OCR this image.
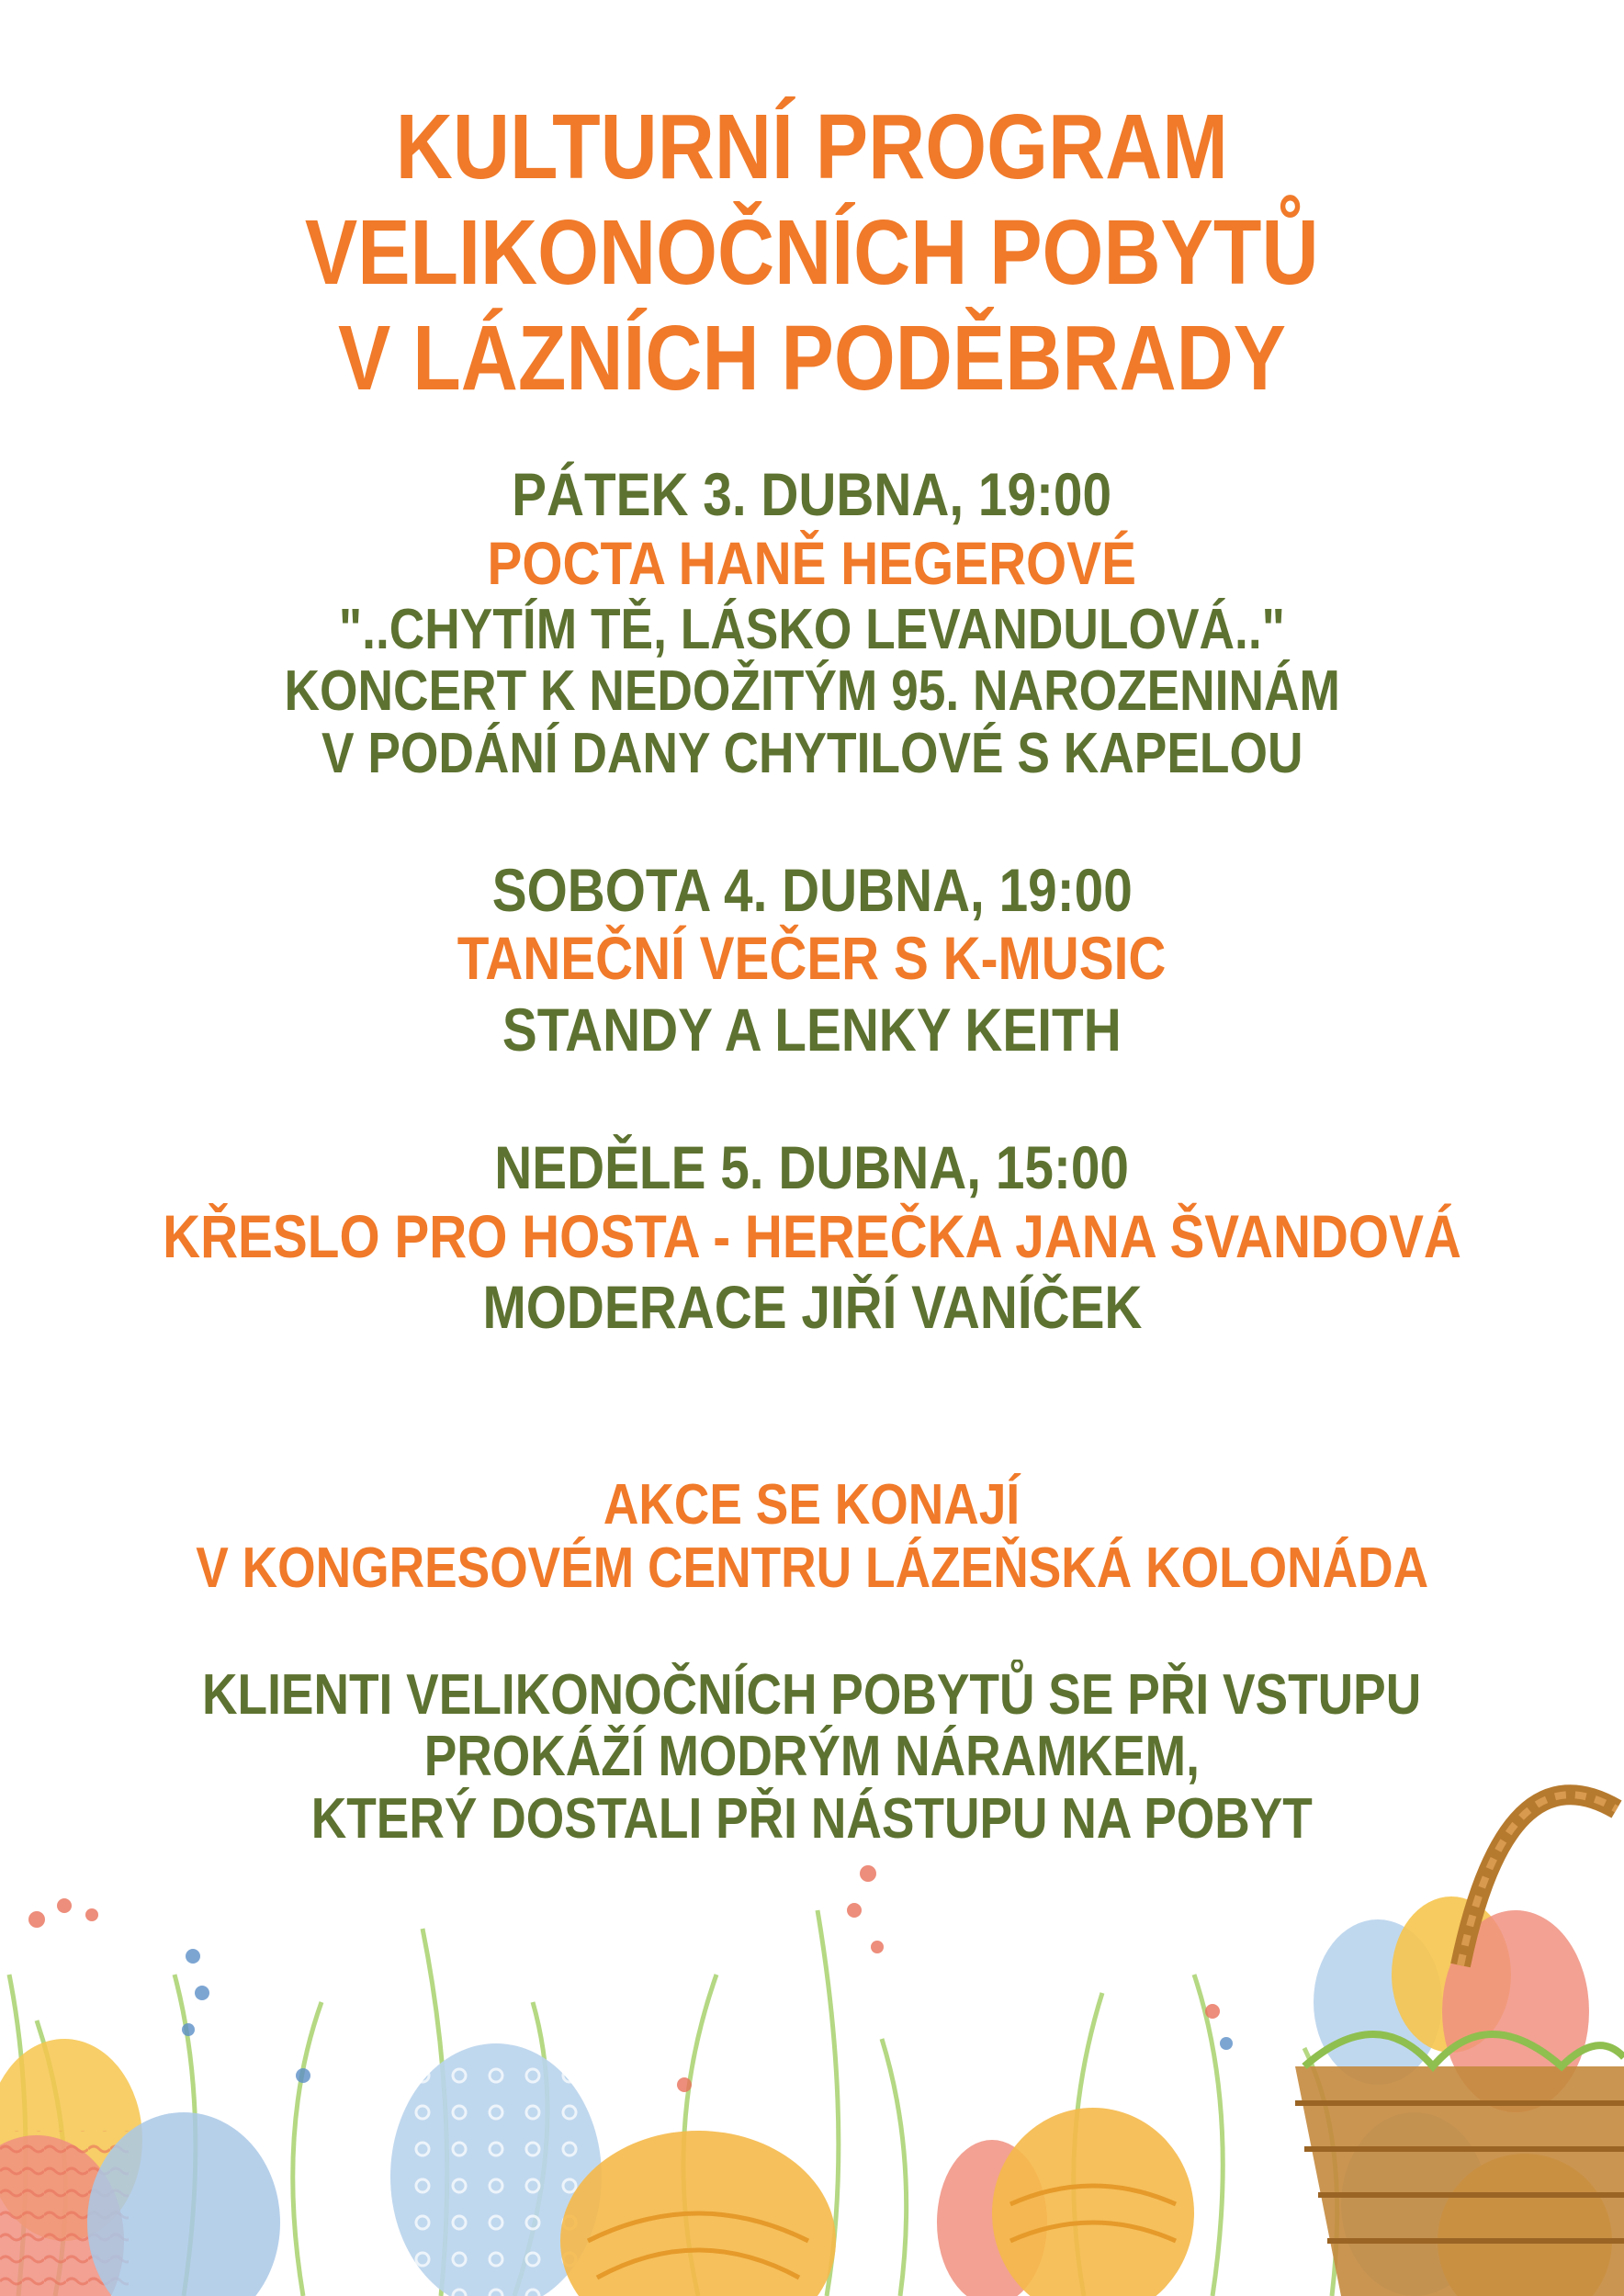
KULTURNÍ PROGRAM
VELIKONOČNÍCH POBYTŮ
V LÁZNÍCH PODĚBRADY
PÁTEK 3. DUBNA, 19:00
POCTA HANĚ HEGEROVÉ
"..CHYTÍM TĚ, LÁSKO LEVANDULOVÁ.."
KONCERT K NEDOŽITÝM 95. NAROZENINÁM
V PODÁNÍ DANY CHYTILOVÉ S KAPELOU
SOBOTA 4. DUBNA, 19:00
TANEČNÍ VEČER S K-MUSIC
STANDY A LENKY KEITH
NEDĚLE 5. DUBNA, 15:00
KŘESLO PRO HOSTA - HEREČKA JANA ŠVANDOVÁ
MODERACE JIŘÍ VANÍČEK
AKCE SE KONAJÍ
V KONGRESOVÉM CENTRU LÁZEŇSKÁ KOLONÁDA
KLIENTI VELIKONOČNÍCH POBYTŮ SE PŘI VSTUPU
PROKÁŽÍ MODRÝM NÁRAMKEM,
KTERÝ DOSTALI PŘI NÁSTUPU NA POBYT
